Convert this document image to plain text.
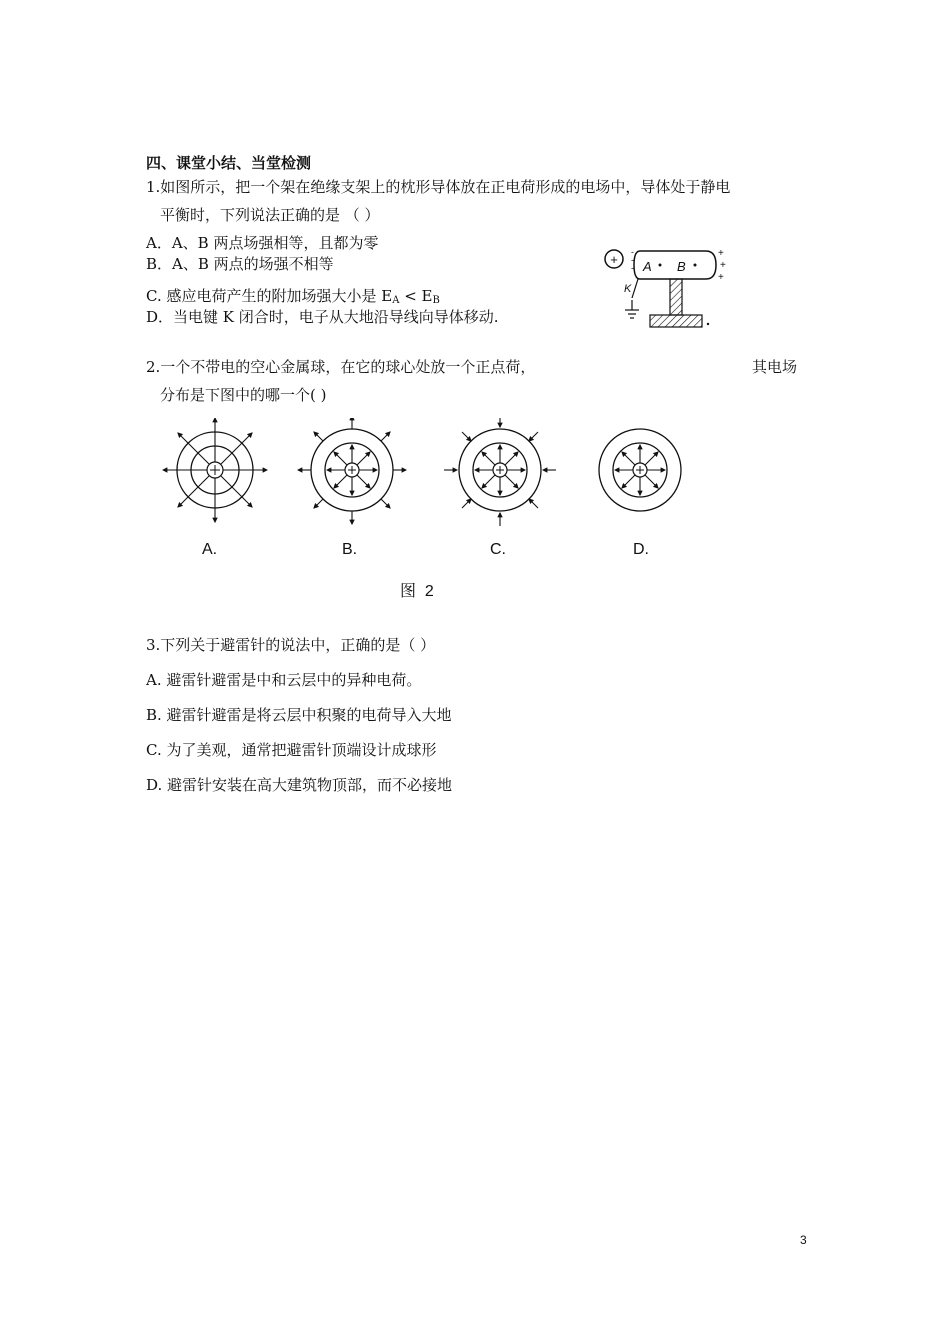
四、课堂小结、当堂检测
1.如图所示，把一个架在绝缘支架上的枕形导体放在正电荷形成的电场中，导体处于静电
平衡时，下列说法正确的是 （ ）
A．A、B 两点场强相等，且都为零
B．A、B 两点的场强不相等
C. 感应电荷产生的附加场强大小是 $E_A < E_B$
D．当电键 K 闭合时，电子从大地沿导线向导体移动.
+ -
-
- A B
+
+
+
K
2.一个不带电的空心金属球，在它的球心处放一个正点荷，	其电场
分布是下图中的哪一个( )
A.	B.	C.	D.
图  2
3.下列关于避雷针的说法中，正确的是（ ）
A. 避雷针避雷是中和云层中的异种电荷。
B. 避雷针避雷是将云层中积聚的电荷导入大地
C. 为了美观，通常把避雷针顶端设计成球形
D. 避雷针安装在高大建筑物顶部，而不必接地
3
